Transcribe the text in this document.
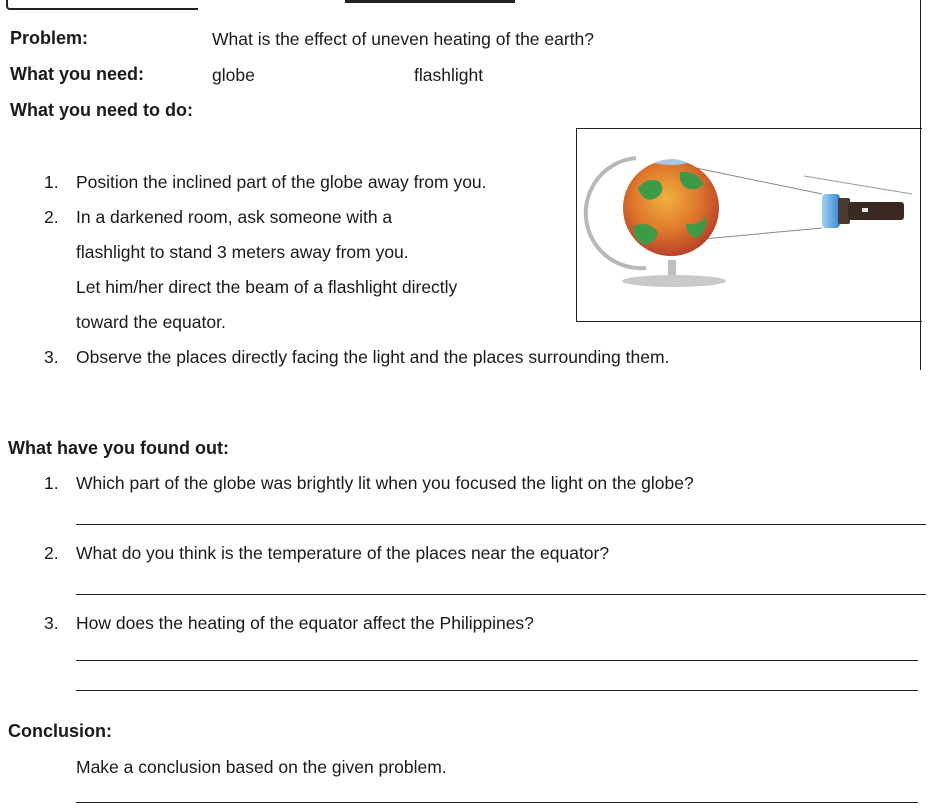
Problem:	What is the effect of uneven heating of the earth?
What you need:	globe	flashlight
What you need to do:
1. Position the inclined part of the globe away from you.
2. In a darkened room, ask someone with a
flashlight to stand 3 meters away from you.
Let him/her direct the beam of a flashlight directly
toward the equator.
3. Observe the places directly facing the light and the places surrounding them.
What have you found out:
1. Which part of the globe was brightly lit when you focused the light on the globe?
2. What do you think is the temperature of the places near the equator?
3. How does the heating of the equator affect the Philippines?
Conclusion:
Make a conclusion based on the given problem.
